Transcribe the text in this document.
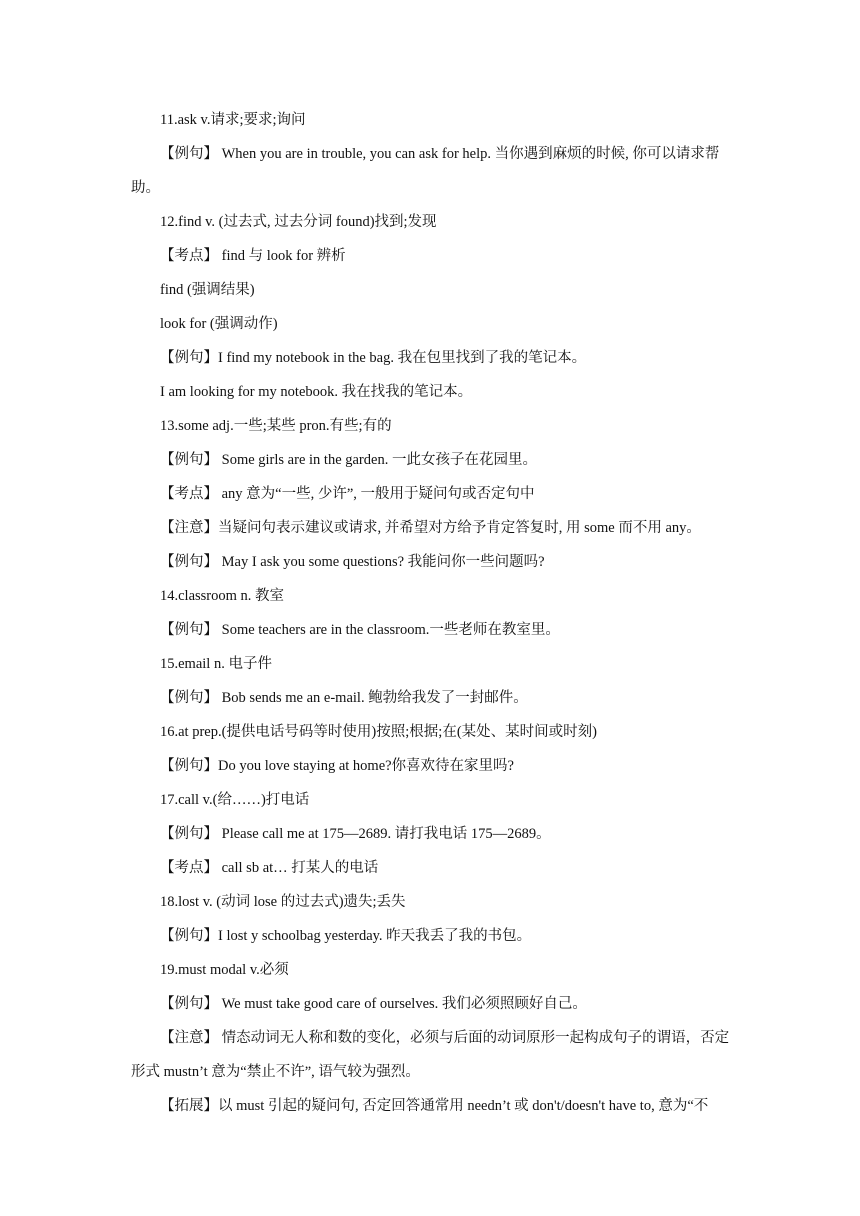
11.ask v.请求;要求;询问
【例句】 When you are in trouble, you can ask for help. 当你遇到麻烦的时候, 你可以请求帮助。
12.find v. (过去式, 过去分词 found)找到;发现
【考点】 find 与 look for 辨析
find (强调结果)
look for (强调动作)
【例句】I find my notebook in the bag. 我在包里找到了我的笔记本。
I am looking for my notebook. 我在找我的笔记本。
13.some adj.一些;某些 pron.有些;有的
【例句】 Some girls are in the garden. 一此女孩子在花园里。
【考点】 any 意为“一些, 少许”, 一般用于疑问句或否定句中
【注意】当疑问句表示建议或请求, 并希望对方给予肯定答复时, 用 some 而不用 any。
【例句】 May I ask you some questions? 我能问你一些问题吗?
14.classroom n. 教室
【例句】 Some teachers are in the classroom.一些老师在教室里。
15.email n. 电子件
【例句】 Bob sends me an e-mail. 鲍勃给我发了一封邮件。
16.at prep.(提供电话号码等时使用)按照;根据;在(某处、某时间或时刻)
【例句】Do you love staying at home?你喜欢待在家里吗?
17.call v.(给……)打电话
【例句】 Please call me at 175—2689. 请打我电话 175—2689。
【考点】 call sb at… 打某人的电话
18.lost v. (动词 lose 的过去式)遗失;丢失
【例句】I lost y schoolbag yesterday. 昨天我丢了我的书包。
19.must modal v.必须
【例句】 We must take good care of ourselves. 我们必须照顾好自己。
【注意】 情态动词无人称和数的变化，必须与后面的动词原形一起构成句子的谓语，否定形式 mustn’t 意为“禁止不许”, 语气较为强烈。
【拓展】以 must 引起的疑问句, 否定回答通常用 needn’t 或 don't/doesn't have to, 意为“不
